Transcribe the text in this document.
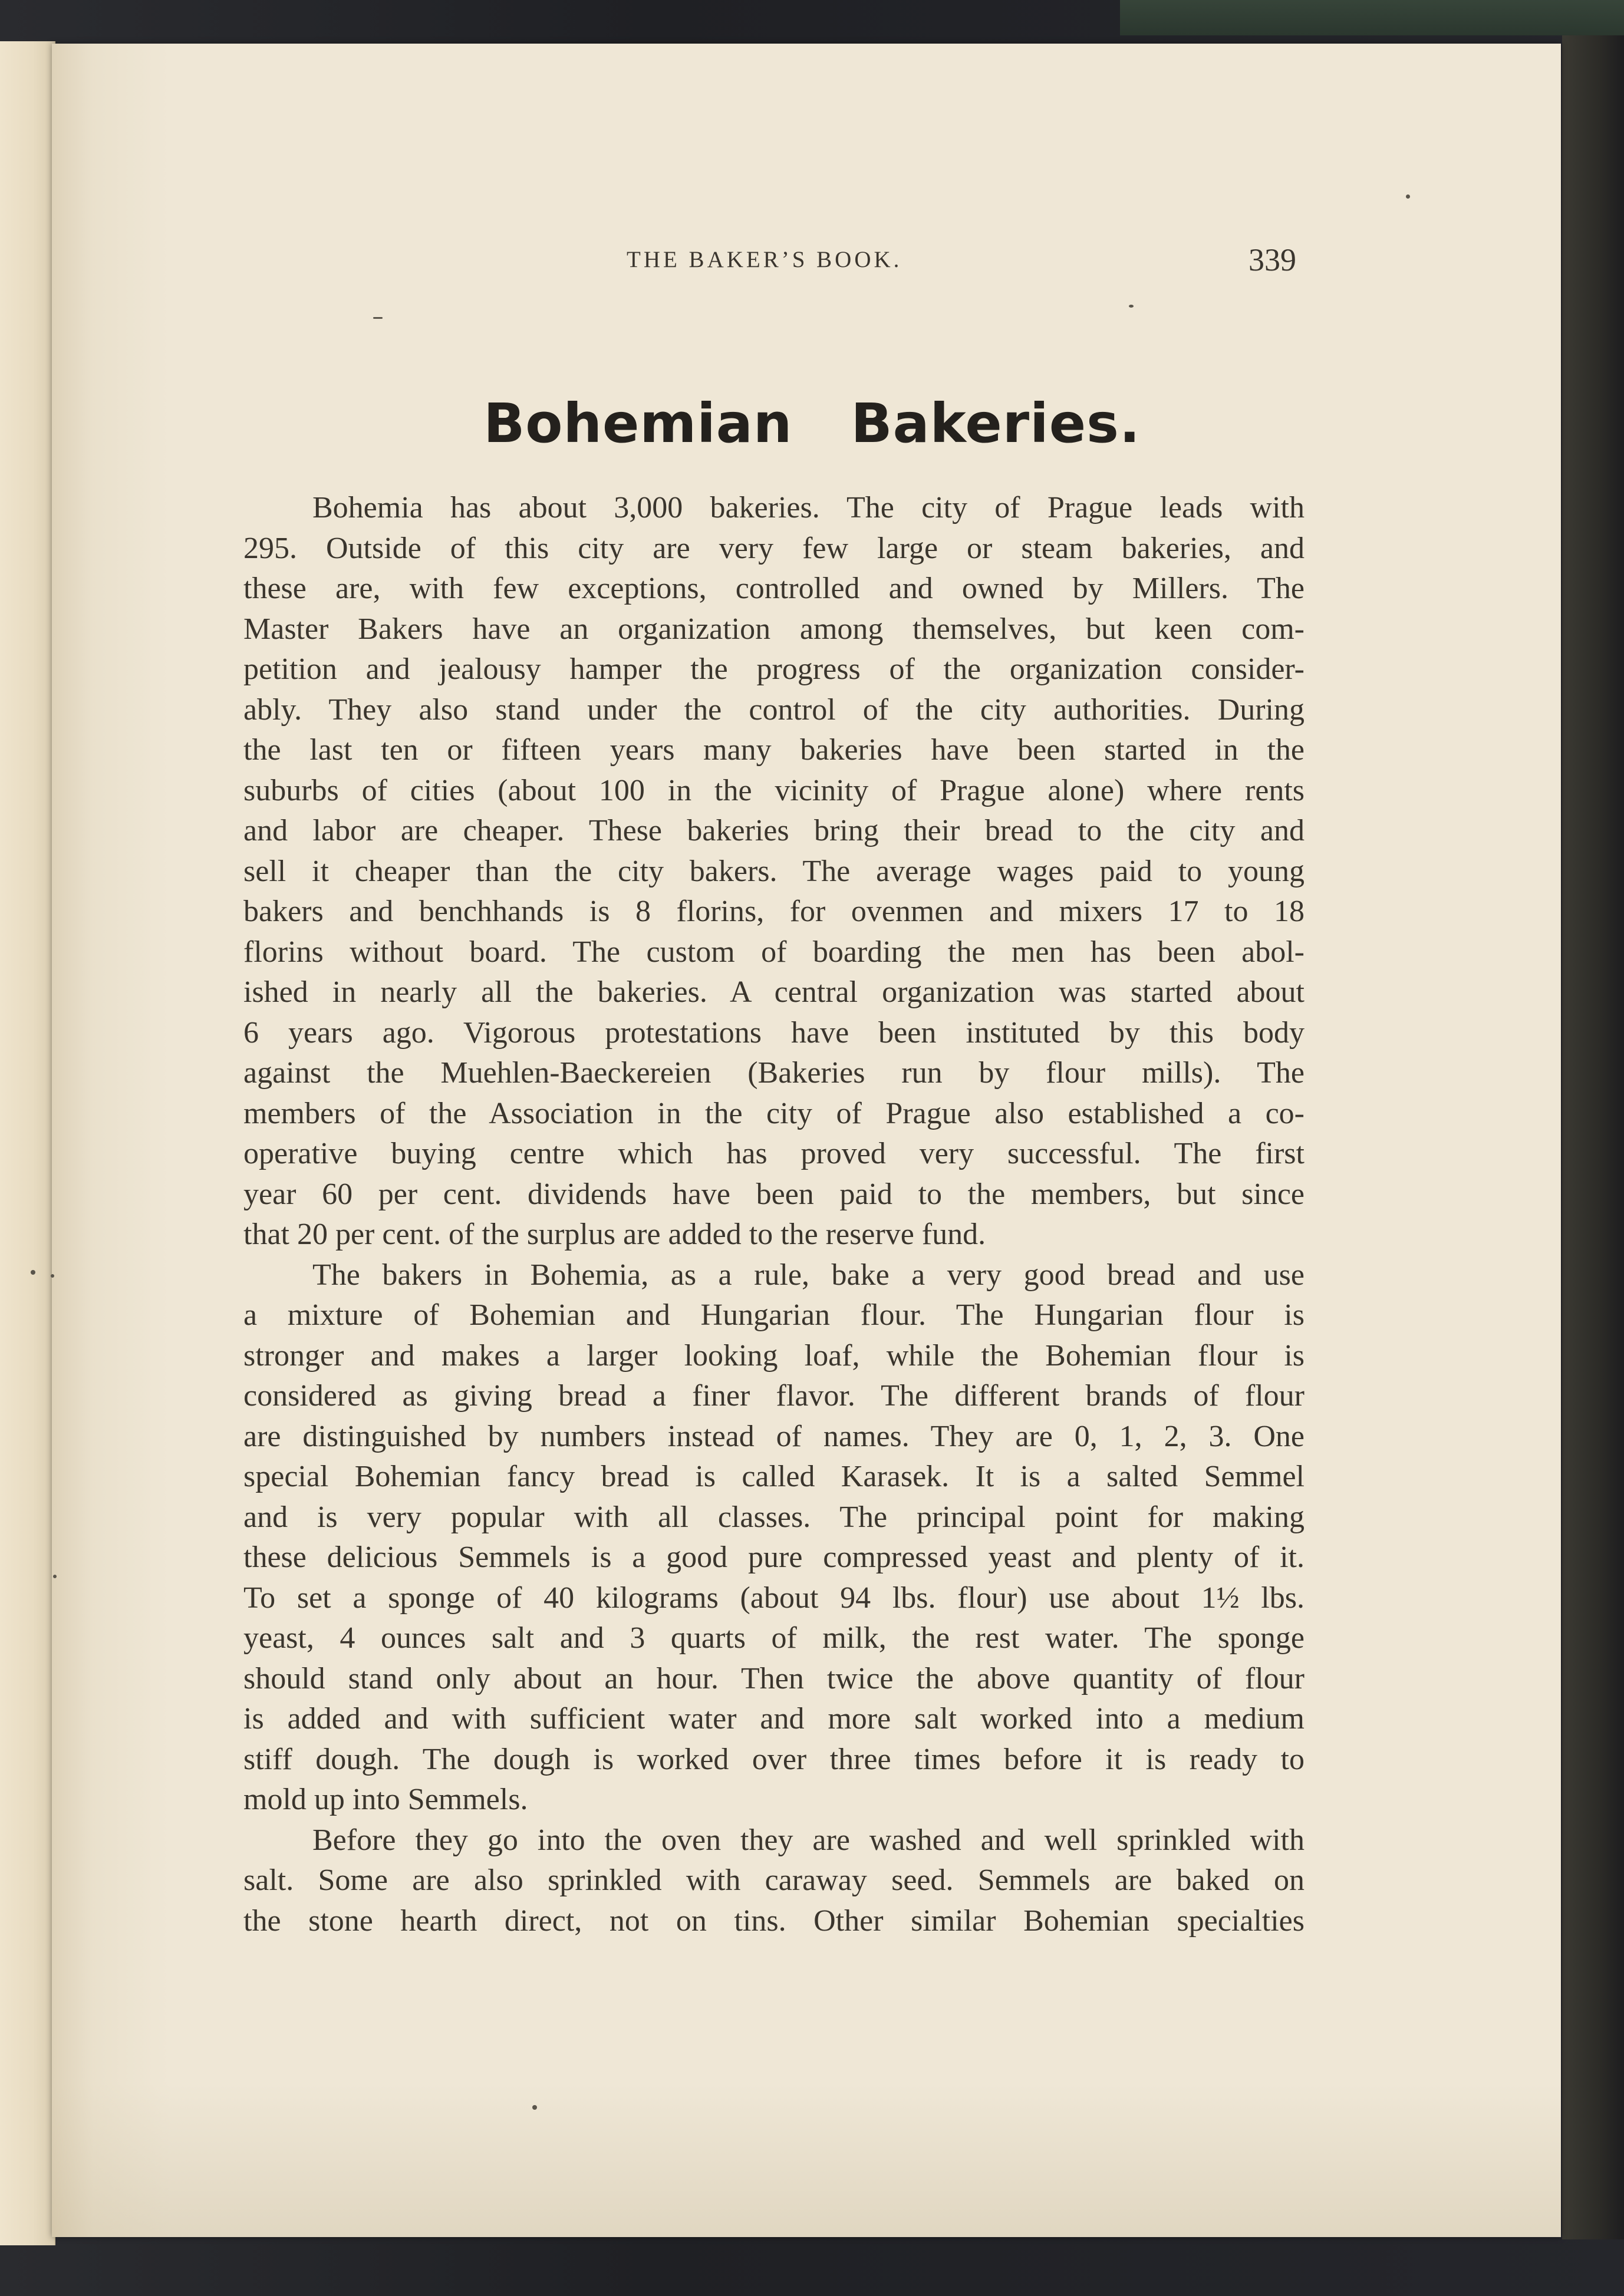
THE BAKER’S BOOK.	339
Bohemian   Bakeries.
Bohemia has about 3,000 bakeries. The city of Prague leads with
295. Outside of this city are very few large or steam bakeries, and
these are, with few exceptions, controlled and owned by Millers. The
Master Bakers have an organization among themselves, but keen com-
petition and jealousy hamper the progress of the organization consider-
ably. They also stand under the control of the city authorities. During
the last ten or fifteen years many bakeries have been started in the
suburbs of cities (about 100 in the vicinity of Prague alone) where rents
and labor are cheaper. These bakeries bring their bread to the city and
sell it cheaper than the city bakers. The average wages paid to young
bakers and benchhands is 8 florins, for ovenmen and mixers 17 to 18
florins without board. The custom of boarding the men has been abol-
ished in nearly all the bakeries. A central organization was started about
6 years ago. Vigorous protestations have been instituted by this body
against the Muehlen-Baeckereien (Bakeries run by flour mills). The
members of the Association in the city of Prague also established a co-
operative buying centre which has proved very successful. The first
year 60 per cent. dividends have been paid to the members, but since
that 20 per cent. of the surplus are added to the reserve fund.
The bakers in Bohemia, as a rule, bake a very good bread and use
a mixture of Bohemian and Hungarian flour. The Hungarian flour is
stronger and makes a larger looking loaf, while the Bohemian flour is
considered as giving bread a finer flavor. The different brands of flour
are distinguished by numbers instead of names. They are 0, 1, 2, 3. One
special Bohemian fancy bread is called Karasek. It is a salted Semmel
and is very popular with all classes. The principal point for making
these delicious Semmels is a good pure compressed yeast and plenty of it.
To set a sponge of 40 kilograms (about 94 lbs. flour) use about 1½ lbs.
yeast, 4 ounces salt and 3 quarts of milk, the rest water. The sponge
should stand only about an hour. Then twice the above quantity of flour
is added and with sufficient water and more salt worked into a medium
stiff dough. The dough is worked over three times before it is ready to
mold up into Semmels.
Before they go into the oven they are washed and well sprinkled with
salt. Some are also sprinkled with caraway seed. Semmels are baked on
the stone hearth direct, not on tins. Other similar Bohemian specialties
